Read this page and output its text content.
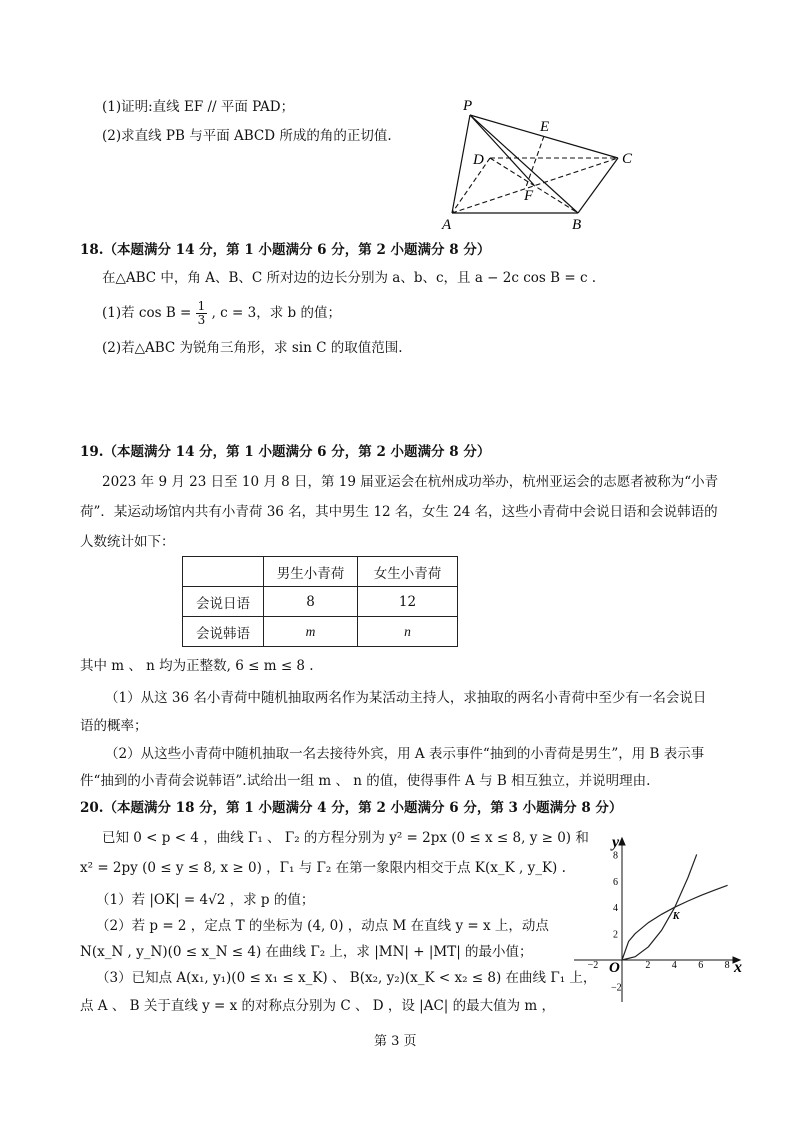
(1)证明:直线 EF // 平面 PAD；
(2)求直线 PB 与平面 ABCD 所成的角的正切值.
P
E
D	C
F
A	B
18.（本题满分 14 分，第 1 小题满分 6 分，第 2 小题满分 8 分）
在△ABC 中，角 A、B、C 所对边的边长分别为 a、b、c，且 a − 2c cos B = c .
(1)若 $\cos B = \frac{1}{3}$ , c = 3，求 b 的值；
(2)若△ABC 为锐角三角形，求 sin C 的取值范围.
19.（本题满分 14 分，第 1 小题满分 6 分，第 2 小题满分 8 分）
2023 年 9 月 23 日至 10 月 8 日，第 19 届亚运会在杭州成功举办，杭州亚运会的志愿者被称为“小青
荷”．某运动场馆内共有小青荷 36 名，其中男生 12 名，女生 24 名，这些小青荷中会说日语和会说韩语的
人数统计如下：
	男生小青荷	女生小青荷
会说日语	8	12
会说韩语	m	n
其中 m 、 n 均为正整数, 6 ≤ m ≤ 8 .
（1）从这 36 名小青荷中随机抽取两名作为某活动主持人，求抽取的两名小青荷中至少有一名会说日
语的概率；
（2）从这些小青荷中随机抽取一名去接待外宾，用 A 表示事件“抽到的小青荷是男生”，用 B 表示事
件“抽到的小青荷会说韩语”.试给出一组 m 、 n 的值，使得事件 A 与 B 相互独立，并说明理由.
20.（本题满分 18 分，第 1 小题满分 4 分，第 2 小题满分 6 分，第 3 小题满分 8 分）
已知 0 < p < 4 ，曲线 Γ₁ 、 Γ₂ 的方程分别为 y² = 2px (0 ≤ x ≤ 8, y ≥ 0) 和
x² = 2py (0 ≤ y ≤ 8, x ≥ 0) ，Γ₁ 与 Γ₂ 在第一象限内相交于点 K(x_K , y_K) .
（1）若 |OK| = 4√2 ，求 p 的值；
（2）若 p = 2 ，定点 T 的坐标为 (4, 0) ，动点 M 在直线 y = x 上，动点
N(x_N , y_N)(0 ≤ x_N ≤ 4) 在曲线 Γ₂ 上，求 |MN| + |MT| 的最小值；
（3）已知点 A(x₁, y₁)(0 ≤ x₁ ≤ x_K) 、 B(x₂, y₂)(x_K < x₂ ≤ 8) 在曲线 Γ₁ 上，
点 A 、 B 关于直线 y = x 的对称点分别为 C 、 D ，设 |AC| 的最大值为 m ，
−2	2 4 6 8
8
6
4
2
−2
y
x
O
K
第 3 页
